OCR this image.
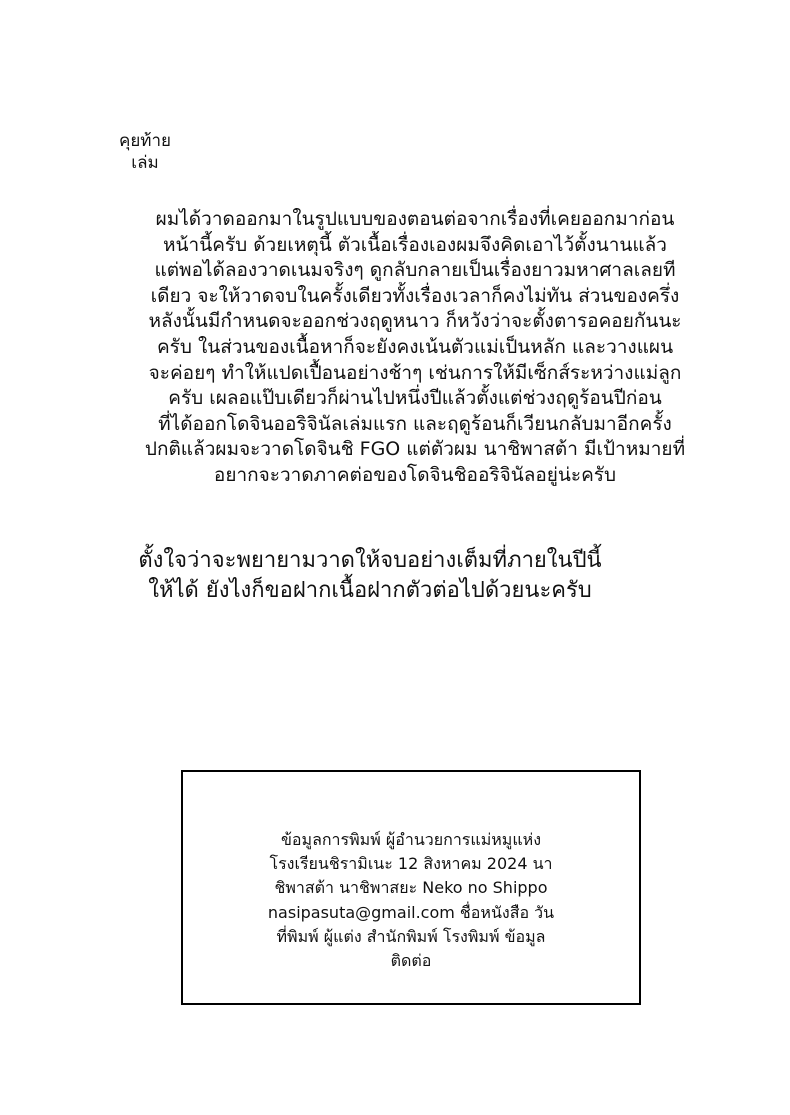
คุยท้าย
เล่ม
ผมได้วาดออกมาในรูปแบบของตอนต่อจากเรื่องที่เคยออกมาก่อน
หน้านี้ครับ ด้วยเหตุนี้ ตัวเนื้อเรื่องเองผมจึงคิดเอาไว้ตั้งนานแล้ว
แต่พอได้ลองวาดเนมจริงๆ ดูกลับกลายเป็นเรื่องยาวมหาศาลเลยที
เดียว จะให้วาดจบในครั้งเดียวทั้งเรื่องเวลาก็คงไม่ทัน ส่วนของครึ่ง
หลังนั้นมีกำหนดจะออกช่วงฤดูหนาว ก็หวังว่าจะตั้งตารอคอยกันนะ
ครับ ในส่วนของเนื้อหาก็จะยังคงเน้นตัวแม่เป็นหลัก และวางแผน
จะค่อยๆ ทำให้แปดเปื้อนอย่างช้าๆ เช่นการให้มีเซ็กส์ระหว่างแม่ลูก
ครับ เผลอแป๊บเดียวก็ผ่านไปหนึ่งปีแล้วตั้งแต่ช่วงฤดูร้อนปีก่อน
ที่ได้ออกโดจินออริจินัลเล่มแรก และฤดูร้อนก็เวียนกลับมาอีกครั้ง
ปกติแล้วผมจะวาดโดจินชิ FGO แต่ตัวผม นาชิพาสต้า มีเป้าหมายที่
อยากจะวาดภาคต่อของโดจินชิออริจินัลอยู่น่ะครับ
ตั้งใจว่าจะพยายามวาดให้จบอย่างเต็มที่ภายในปีนี้
ให้ได้ ยังไงก็ขอฝากเนื้อฝากตัวต่อไปด้วยนะครับ
ข้อมูลการพิมพ์ ผู้อำนวยการแม่หมูแห่ง
โรงเรียนชิรามิเนะ 12 สิงหาคม 2024 นา
ชิพาสต้า นาชิพาสยะ Neko no Shippo
nasipasuta@gmail.com ชื่อหนังสือ วัน
ที่พิมพ์ ผู้แต่ง สำนักพิมพ์ โรงพิมพ์ ข้อมูล
ติดต่อ
